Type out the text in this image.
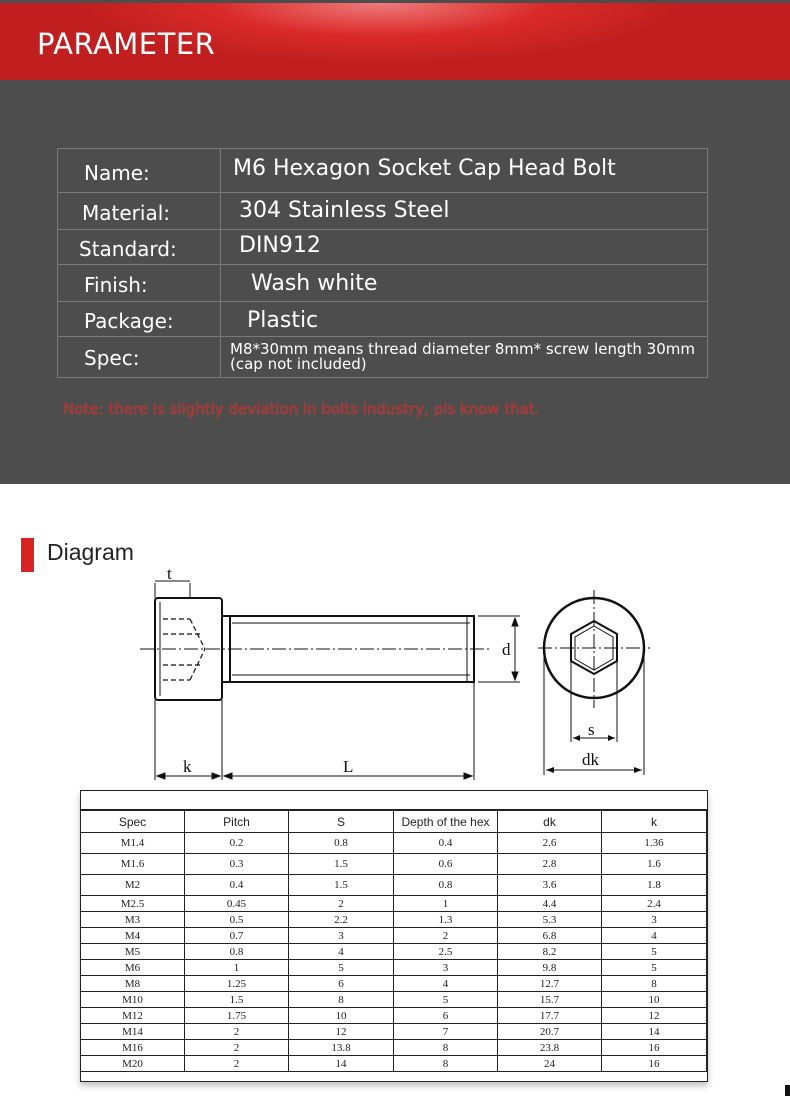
PARAMETER
Name:	M6 Hexagon Socket Cap Head Bolt
Material:	304 Stainless Steel
Standard:	DIN912
Finish:	Wash white
Package:	Plastic
Spec:	M8*30mm means thread diameter 8mm* screw length 30mm
(cap not included)
Note: there is slightly deviation in bolts industry, pls know that.
Diagram
t
d
k	L
s
dk
Spec	Pitch	S	Depth of the hex	dk	k
M1.4	0.2	0.8	0.4	2.6	1.36
M1.6	0.3	1.5	0.6	2.8	1.6
M2	0.4	1.5	0.8	3.6	1.8
M2.5	0.45	2	1	4.4	2.4
M3	0.5	2.2	1.3	5.3	3
M4	0.7	3	2	6.8	4
M5	0.8	4	2.5	8.2	5
M6	1	5	3	9.8	5
M8	1.25	6	4	12.7	8
M10	1.5	8	5	15.7	10
M12	1.75	10	6	17.7	12
M14	2	12	7	20.7	14
M16	2	13.8	8	23.8	16
M20	2	14	8	24	16
